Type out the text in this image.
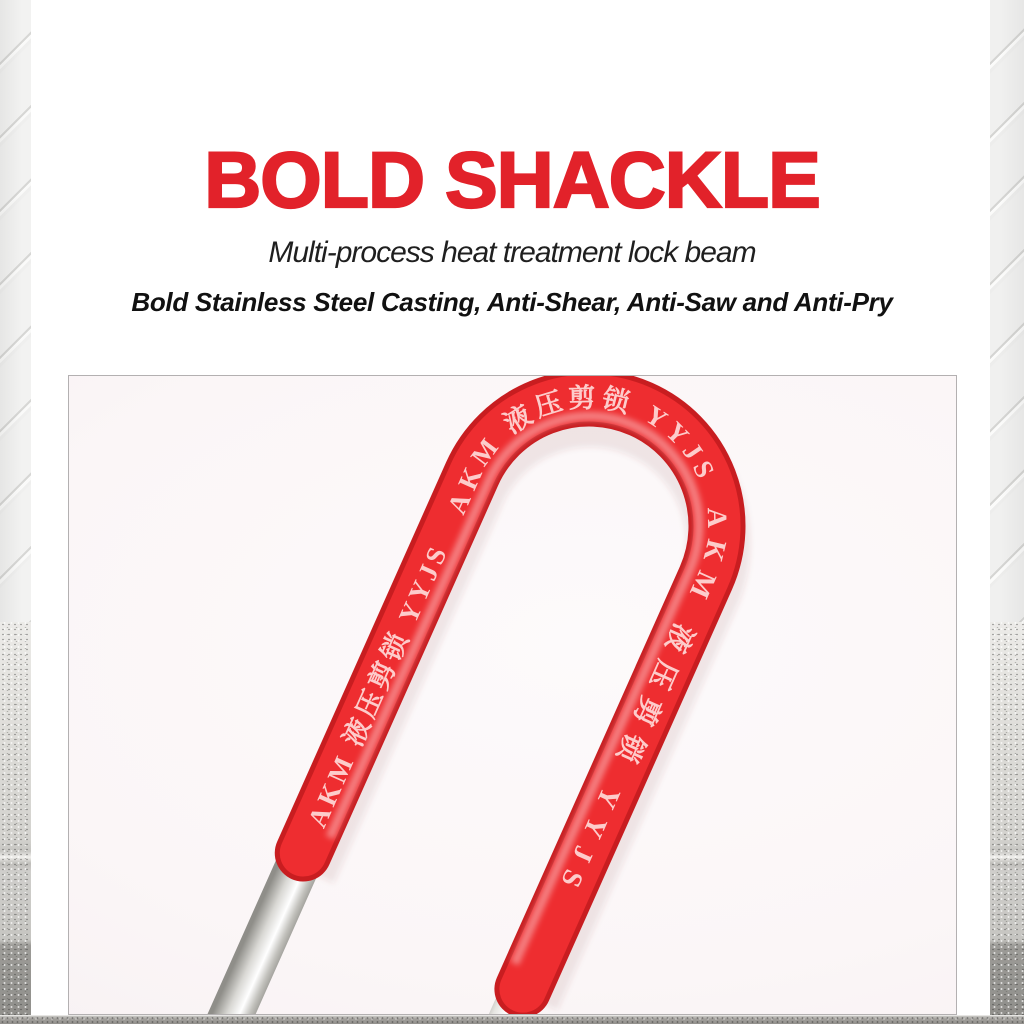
BOLD SHACKLE
Multi-process heat treatment lock beam
Bold Stainless Steel Casting, Anti-Shear, Anti-Saw and Anti-Pry
AKM 液压剪锁 YYJS
AKM 液压剪锁 YYJS
AKM 液压剪锁 YYJS
